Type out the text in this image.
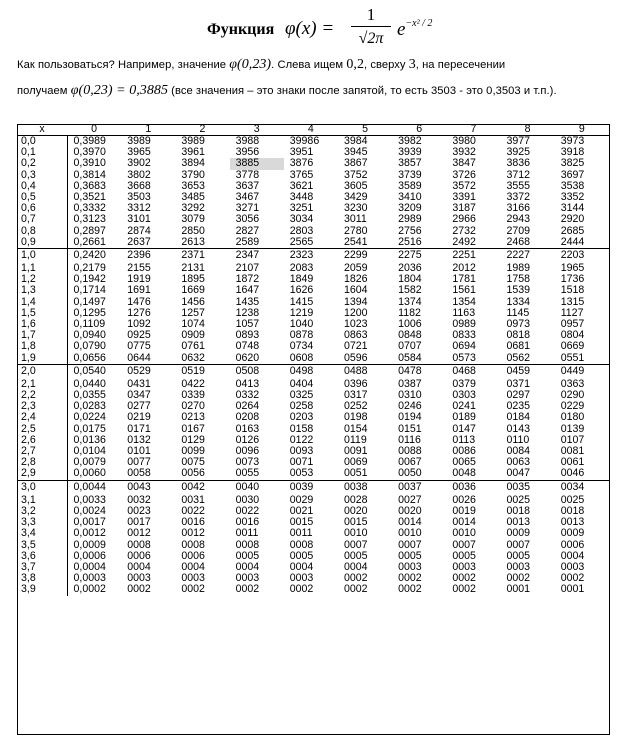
Функция φ(x) =
1
√2π $e^{-x^2 / 2}$
Как пользоваться? Например, значение φ(0,23). Слева ищем 0,2, сверху 3, на пересечении
получаем φ(0,23) = 0,3885 (все значения – это знаки после запятой, то есть 3503 - это 0,3503 и т.п.).
x	0	1	2	3	4	5	6	7	8	9
0,0	0,3989	3989	3989	3988	39986	3984	3982	3980	3977	3973
0,1	0,3970	3965	3961	3956	3951	3945	3939	3932	3925	3918
0,2	0,3910	3902	3894	3885	3876	3867	3857	3847	3836	3825
0,3	0,3814	3802	3790	3778	3765	3752	3739	3726	3712	3697
0,4	0,3683	3668	3653	3637	3621	3605	3589	3572	3555	3538
0,5	0,3521	3503	3485	3467	3448	3429	3410	3391	3372	3352
0,6	0,3332	3312	3292	3271	3251	3230	3209	3187	3166	3144
0,7	0,3123	3101	3079	3056	3034	3011	2989	2966	2943	2920
0,8	0,2897	2874	2850	2827	2803	2780	2756	2732	2709	2685
0,9	0,2661	2637	2613	2589	2565	2541	2516	2492	2468	2444
1,0	0,2420	2396	2371	2347	2323	2299	2275	2251	2227	2203
1,1	0,2179	2155	2131	2107	2083	2059	2036	2012	1989	1965
1,2	0,1942	1919	1895	1872	1849	1826	1804	1781	1758	1736
1,3	0,1714	1691	1669	1647	1626	1604	1582	1561	1539	1518
1,4	0,1497	1476	1456	1435	1415	1394	1374	1354	1334	1315
1,5	0,1295	1276	1257	1238	1219	1200	1182	1163	1145	1127
1,6	0,1109	1092	1074	1057	1040	1023	1006	0989	0973	0957
1,7	0,0940	0925	0909	0893	0878	0863	0848	0833	0818	0804
1,8	0,0790	0775	0761	0748	0734	0721	0707	0694	0681	0669
1,9	0,0656	0644	0632	0620	0608	0596	0584	0573	0562	0551
2,0	0,0540	0529	0519	0508	0498	0488	0478	0468	0459	0449
2,1	0,0440	0431	0422	0413	0404	0396	0387	0379	0371	0363
2,2	0,0355	0347	0339	0332	0325	0317	0310	0303	0297	0290
2,3	0,0283	0277	0270	0264	0258	0252	0246	0241	0235	0229
2,4	0,0224	0219	0213	0208	0203	0198	0194	0189	0184	0180
2,5	0,0175	0171	0167	0163	0158	0154	0151	0147	0143	0139
2,6	0,0136	0132	0129	0126	0122	0119	0116	0113	0110	0107
2,7	0,0104	0101	0099	0096	0093	0091	0088	0086	0084	0081
2,8	0,0079	0077	0075	0073	0071	0069	0067	0065	0063	0061
2,9	0,0060	0058	0056	0055	0053	0051	0050	0048	0047	0046
3,0	0,0044	0043	0042	0040	0039	0038	0037	0036	0035	0034
3,1	0,0033	0032	0031	0030	0029	0028	0027	0026	0025	0025
3,2	0,0024	0023	0022	0022	0021	0020	0020	0019	0018	0018
3,3	0,0017	0017	0016	0016	0015	0015	0014	0014	0013	0013
3,4	0,0012	0012	0012	0011	0011	0010	0010	0010	0009	0009
3,5	0,0009	0008	0008	0008	0008	0007	0007	0007	0007	0006
3,6	0,0006	0006	0006	0005	0005	0005	0005	0005	0005	0004
3,7	0,0004	0004	0004	0004	0004	0004	0003	0003	0003	0003
3,8	0,0003	0003	0003	0003	0003	0002	0002	0002	0002	0002
3,9	0,0002	0002	0002	0002	0002	0002	0002	0002	0001	0001
